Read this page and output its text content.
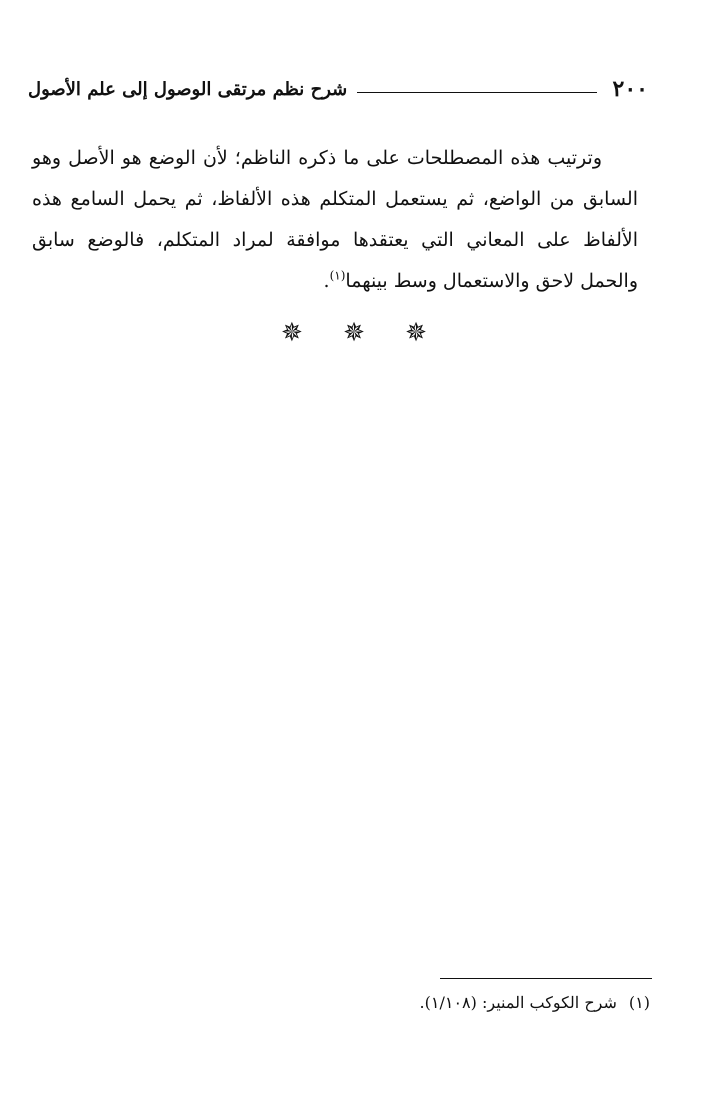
٢٠٠
شرح نظم مرتقى الوصول إلى علم الأصول

وترتيب هذه المصطلحات على ما ذكره الناظم؛ لأن الوضع هو الأصل وهو السابق من الواضع، ثم يستعمل المتكلم هذه الألفاظ، ثم يحمل السامع هذه الألفاظ على المعاني التي يعتقدها موافقة لمراد المتكلم، فالوضع سابق والحمل لاحق والاستعمال وسط بينهما$^{(١)}$.

✵ ✵ ✵
(١)شرح الكوكب المنير: (١/١٠٨).
